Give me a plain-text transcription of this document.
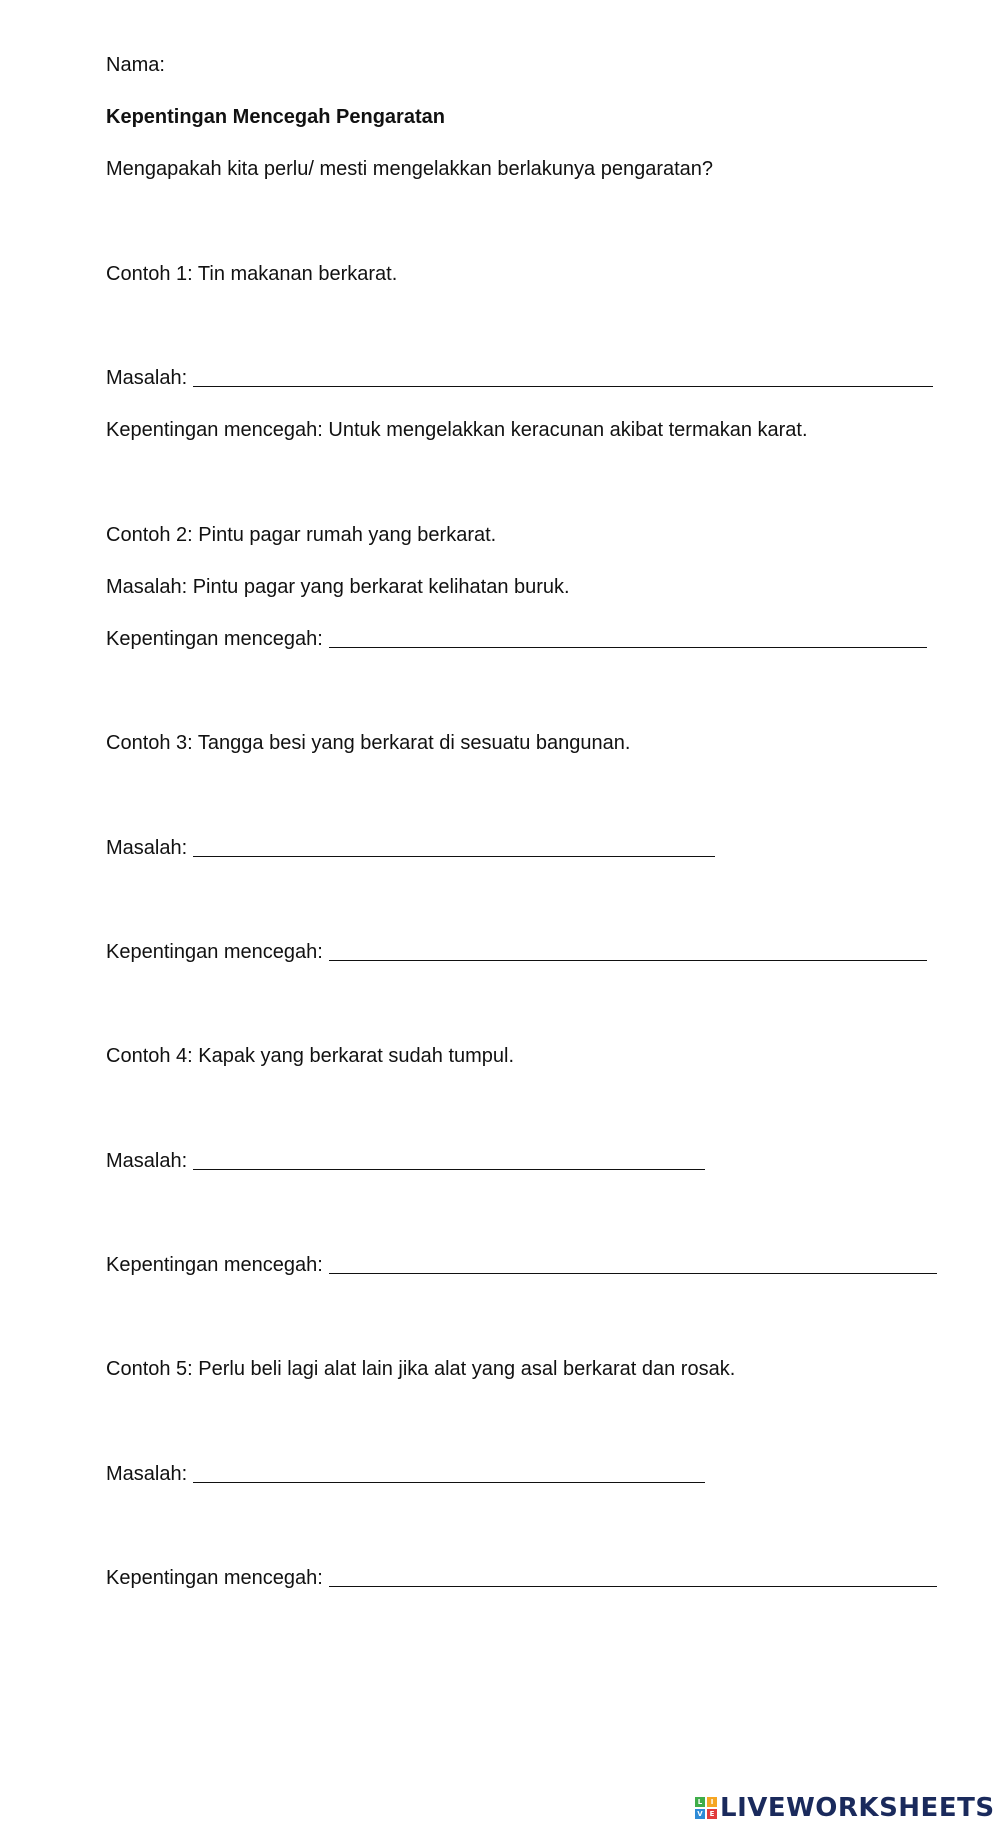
Nama:
Kepentingan Mencegah Pengaratan
Mengapakah kita perlu/ mesti mengelakkan berlakunya pengaratan?
Contoh 1: Tin makanan berkarat.
Masalah:
Kepentingan mencegah: Untuk mengelakkan keracunan akibat termakan karat.
Contoh 2: Pintu pagar rumah yang berkarat.
Masalah: Pintu pagar yang berkarat kelihatan buruk.
Kepentingan mencegah:
Contoh 3: Tangga besi yang berkarat di sesuatu bangunan.
Masalah:
Kepentingan mencegah:
Contoh 4: Kapak yang berkarat sudah tumpul.
Masalah:
Kepentingan mencegah:
Contoh 5: Perlu beli lagi alat lain jika alat yang asal berkarat dan rosak.
Masalah:
Kepentingan mencegah:
L	I
V E LIVEWORKSHEETS
